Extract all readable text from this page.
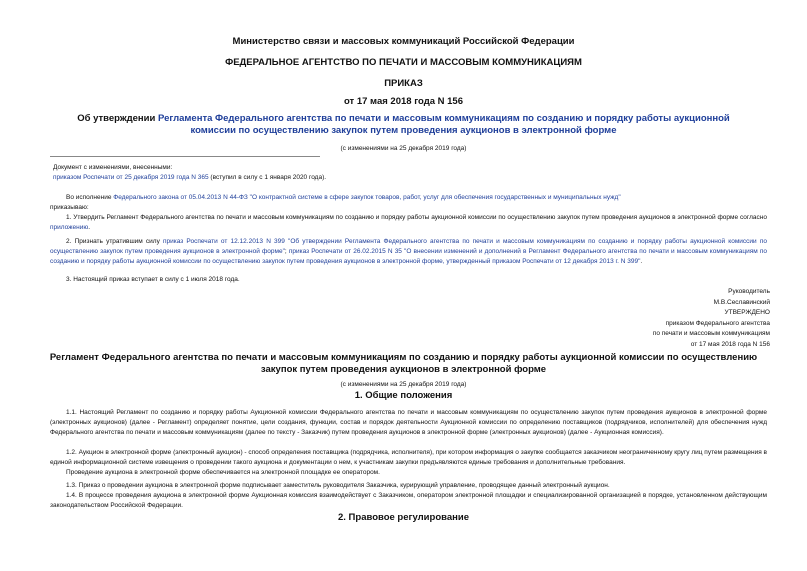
Министерство связи и массовых коммуникаций Российской Федерации
ФЕДЕРАЛЬНОЕ АГЕНТСТВО ПО ПЕЧАТИ И МАССОВЫМ КОММУНИКАЦИЯМ
ПРИКАЗ
от 17 мая 2018 года N 156
Об утверждении Регламента Федерального агентства по печати и массовым коммуникациям по созданию и порядку работы аукционной комиссии по осуществлению закупок путем проведения аукционов в электронной форме
(с изменениями на 25 декабря 2019 года)
Документ с изменениями, внесенными:
приказом Роспечати от 25 декабря 2019 года N 365 (вступил в силу с 1 января 2020 года).
Во исполнение Федерального закона от 05.04.2013 N 44-ФЗ "О контрактной системе в сфере закупок товаров, работ, услуг для обеспечения государственных и муниципальных нужд"
приказываю:
1. Утвердить Регламент Федерального агентства по печати и массовым коммуникациям по созданию и порядку работы аукционной комиссии по осуществлению закупок путем проведения аукционов в электронной форме согласно приложению.
2. Признать утратившим силу приказ Роспечати от 12.12.2013 N 399 "Об утверждении Регламента Федерального агентства по печати и массовым коммуникациям по созданию и порядку работы аукционной комиссии по осуществлению закупок путем проведения аукционов в электронной форме"; приказ Роспечати от 26.02.2015 N 35 "О внесении изменений и дополнений в Регламент Федерального агентства по печати и массовым коммуникациям по созданию и порядку работы аукционной комиссии по осуществлению закупок путем проведения аукционов в электронной форме, утвержденный приказом Роспечати от 12 декабря 2013 г. N 399".
3. Настоящий приказ вступает в силу с 1 июля 2018 года.
Руководитель
М.В.Сеславинский
УТВЕРЖДЕНО
приказом Федерального агентства
по печати и массовым коммуникациям
от 17 мая 2018 года N 156
Регламент Федерального агентства по печати и массовым коммуникациям по созданию и порядку работы аукционной комиссии по осуществлению закупок путем проведения аукционов в электронной форме
(с изменениями на 25 декабря 2019 года)
1. Общие положения
1.1. Настоящий Регламент по созданию и порядку работы Аукционной комиссии Федерального агентства по печати и массовым коммуникациям по осуществлению закупок путем проведения аукционов в электронной форме (электронных аукционов) (далее - Регламент) определяет понятие, цели создания, функции, состав и порядок деятельности Аукционной комиссии по определению поставщиков (подрядчиков, исполнителей) для обеспечения нужд Федерального агентства по печати и массовым коммуникациям (далее по тексту - Заказчик) путем проведения аукционов в электронной форме (электронных аукционов) (далее - Аукционная комиссия).
1.2. Аукцион в электронной форме (электронный аукцион) - способ определения поставщика (подрядчика, исполнителя), при котором информация о закупке сообщается заказчиком неограниченному кругу лиц путем размещения в единой информационной системе извещения о проведении такого аукциона и документации о нем, к участникам закупки предъявляются единые требования и дополнительные требования.
Проведение аукциона в электронной форме обеспечивается на электронной площадке ее оператором.
1.3. Приказ о проведении аукциона в электронной форме подписывает заместитель руководителя Заказчика, курирующий управление, проводящее данный электронный аукцион.
1.4. В процессе проведения аукциона в электронной форме Аукционная комиссия взаимодействует с Заказчиком, оператором электронной площадки и специализированной организацией в порядке, установленном действующим законодательством Российской Федерации.
2. Правовое регулирование
